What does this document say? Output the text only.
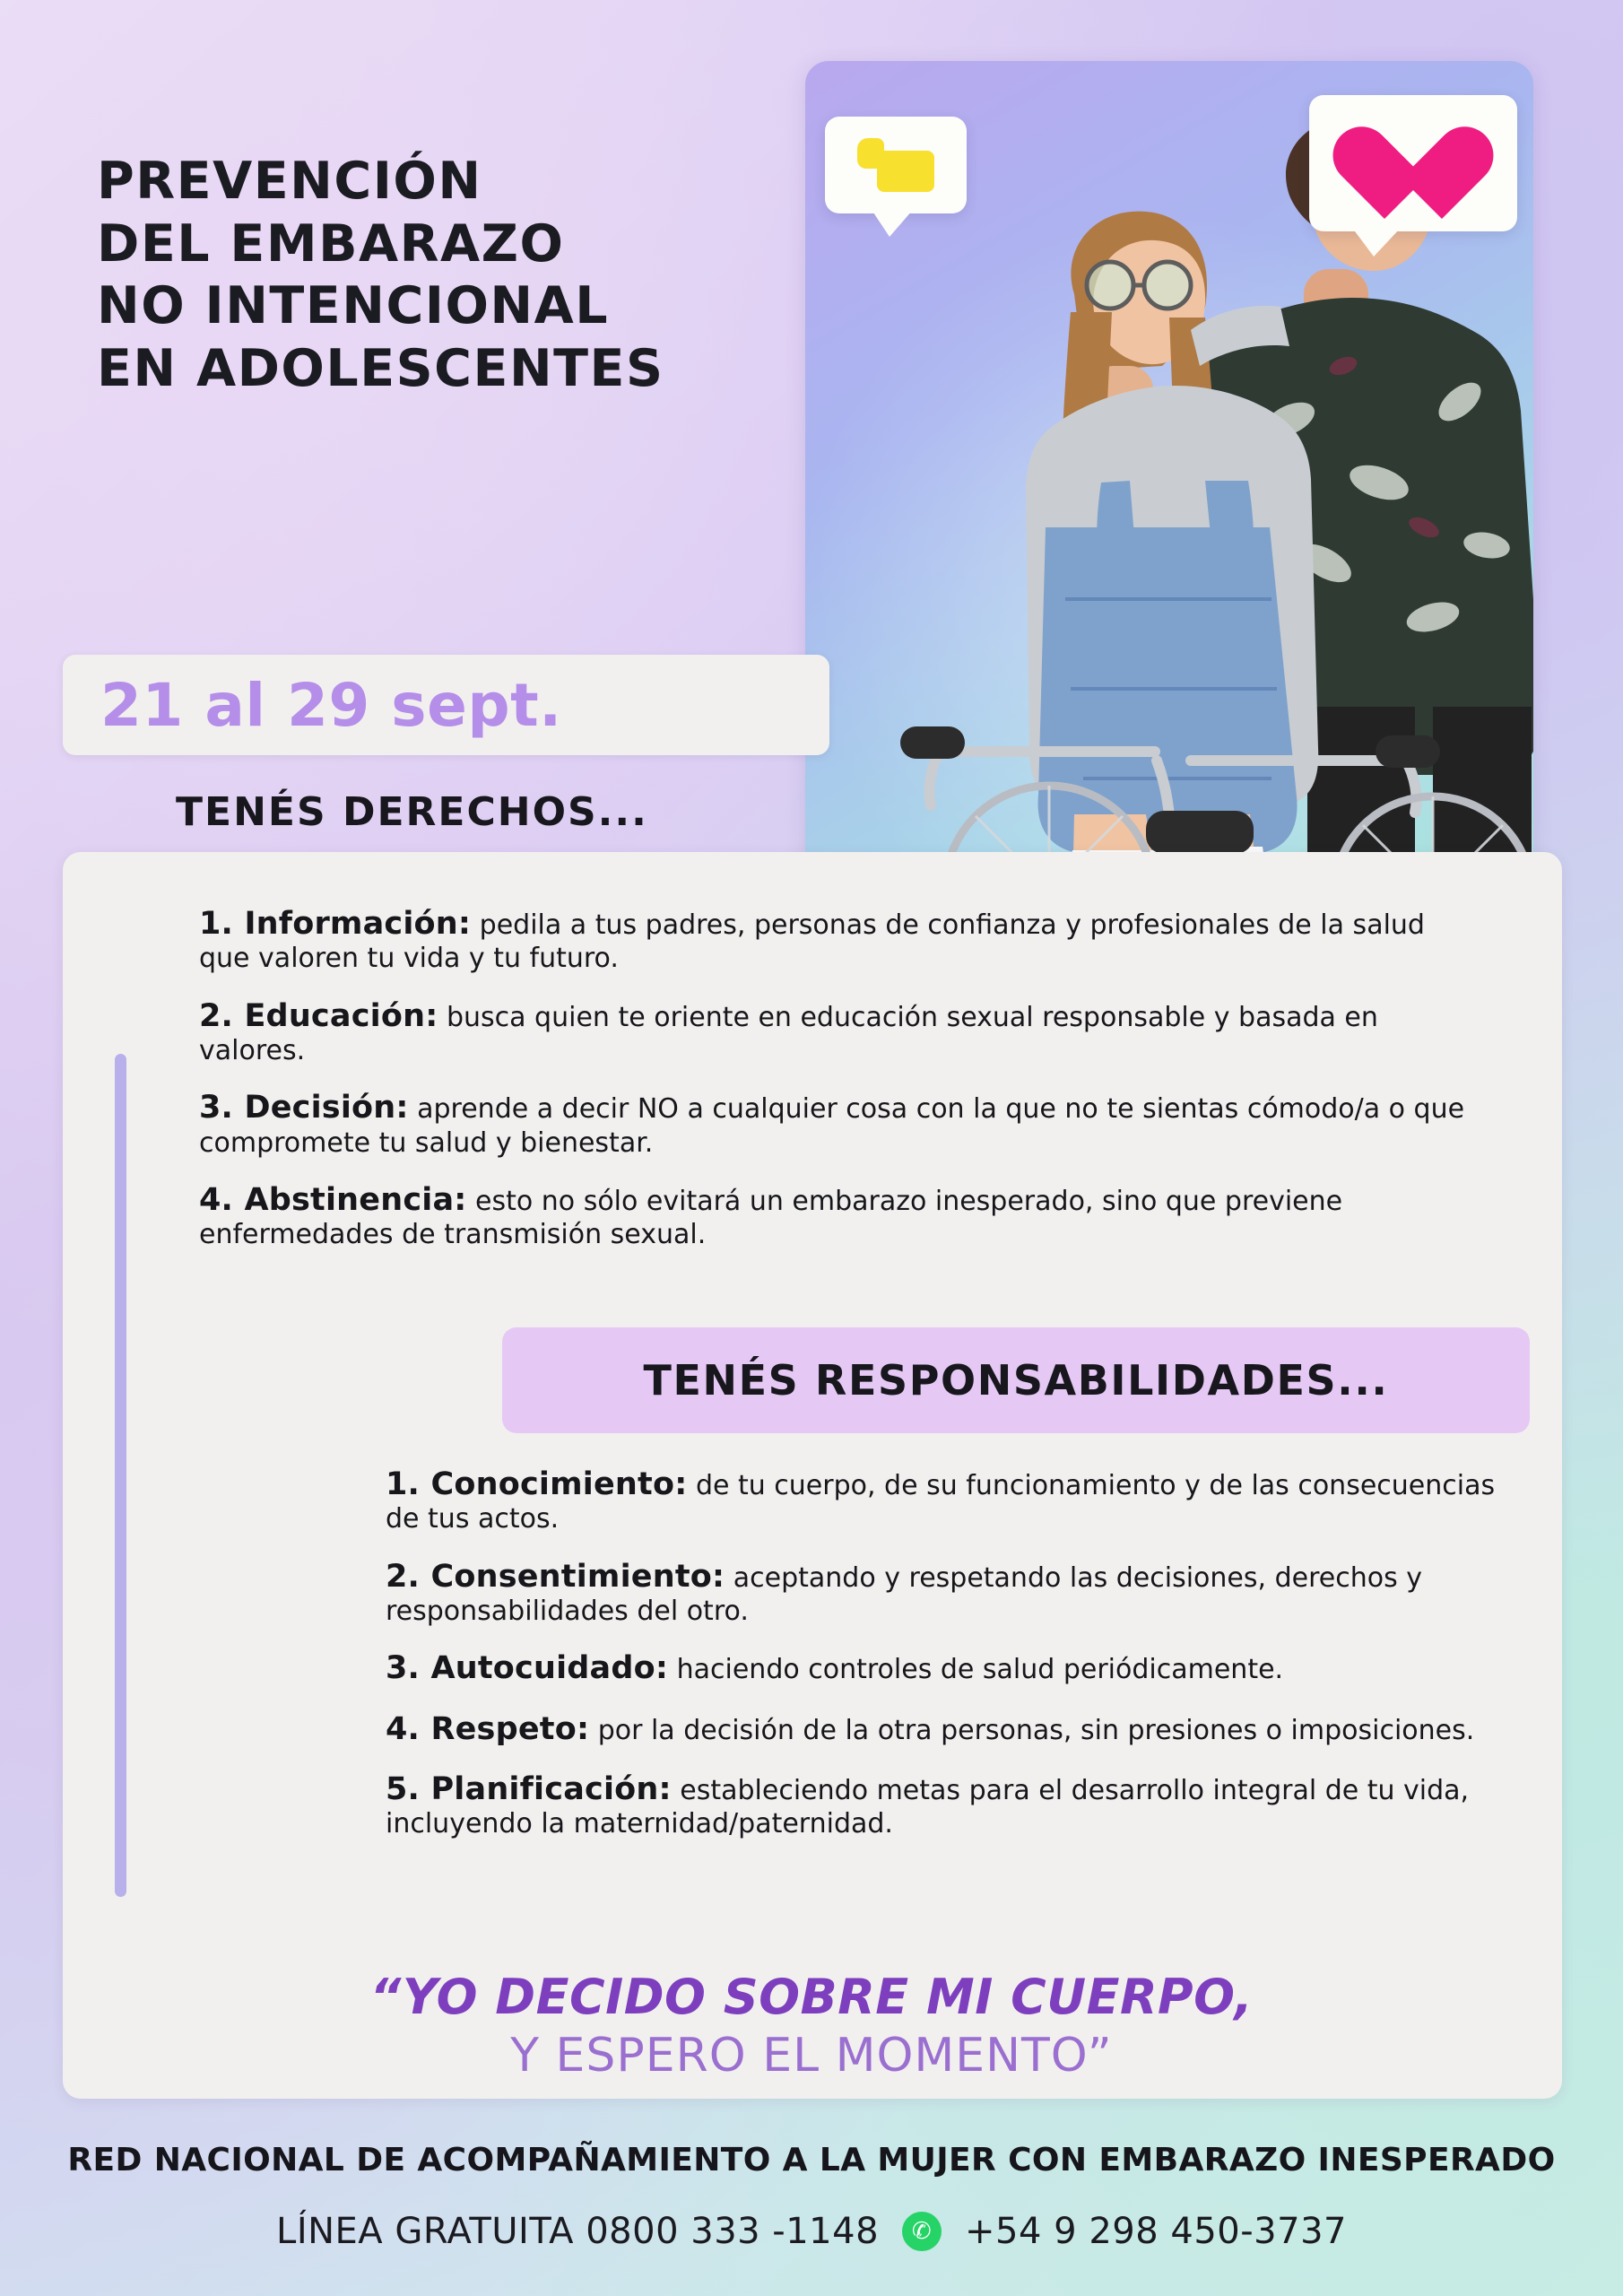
PREVENCIÓN
DEL EMBARAZO
NO INTENCIONAL
EN ADOLESCENTES
21 al 29 sept.
TENÉS DERECHOS...
1. Información: pedila a tus padres, personas de confianza y profesionales de la salud que valoren tu vida y tu futuro.
2. Educación: busca quien te oriente en educación sexual responsable y basada en valores.
3. Decisión: aprende a decir NO a cualquier cosa con la que no te sientas cómodo/a o que compromete tu salud y bienestar.
4. Abstinencia: esto no sólo evitará un embarazo inesperado, sino que previene enfermedades de transmisión sexual.
TENÉS RESPONSABILIDADES...
1. Conocimiento: de tu cuerpo, de su funcionamiento y de las consecuencias de tus actos.
2. Consentimiento: aceptando y respetando las decisiones, derechos y responsabilidades del otro.
3. Autocuidado: haciendo controles de salud periódicamente.
4. Respeto: por la decisión de la otra personas, sin presiones o imposiciones.
5. Planificación: estableciendo metas para el desarrollo integral de tu vida, incluyendo la maternidad/paternidad.
“YO DECIDO SOBRE MI CUERPO,
Y ESPERO EL MOMENTO”
RED NACIONAL DE ACOMPAÑAMIENTO A LA MUJER CON EMBARAZO INESPERADO
LÍNEA GRATUITA 0800 333 -1148	✆ +54 9 298 450-3737
